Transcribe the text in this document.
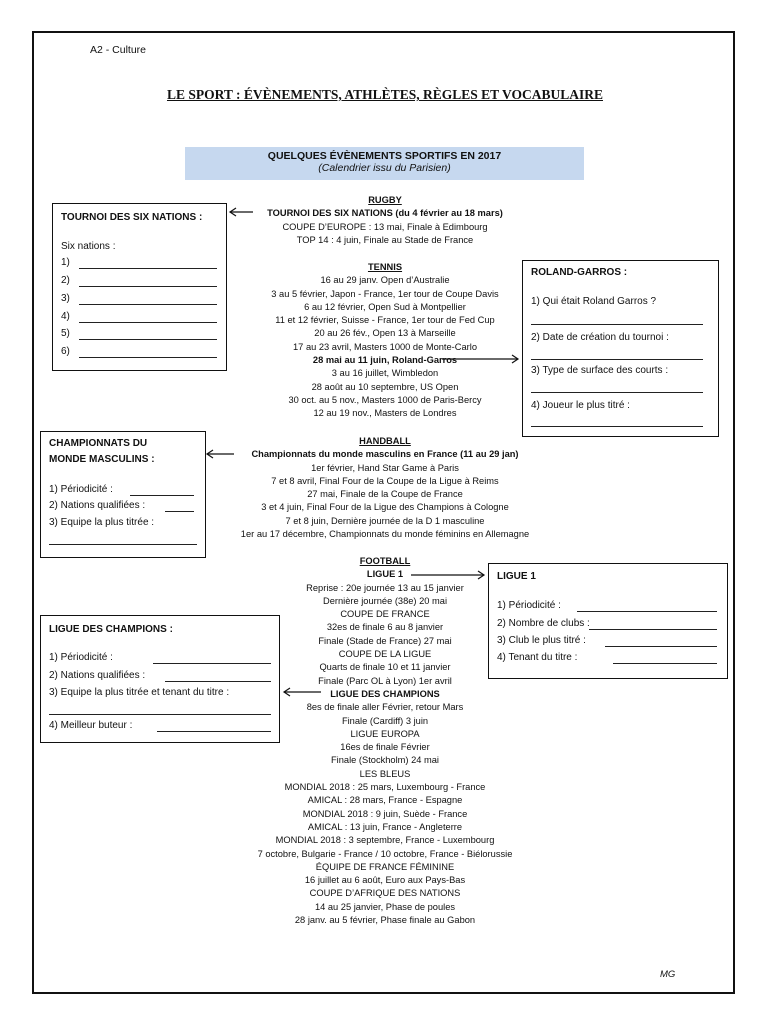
A2 - Culture
LE SPORT : ÉVÈNEMENTS, ATHLÈTES, RÈGLES ET VOCABULAIRE
QUELQUES ÉVÈNEMENTS SPORTIFS EN 2017
(Calendrier issu du Parisien)
RUGBY
TOURNOI DES SIX NATIONS (du 4 février au 18 mars)
COUPE D’EUROPE : 13 mai, Finale à Edimbourg
TOP 14 : 4 juin, Finale au Stade de France
TENNIS
16 au 29 janv. Open d’Australie
3 au 5 février, Japon - France, 1er tour de Coupe Davis
6 au 12 février, Open Sud à Montpellier
11 et 12 février, Suisse - France, 1er tour de Fed Cup
20 au 26 fév., Open 13 à Marseille
17 au 23 avril, Masters 1000 de Monte-Carlo
28 mai au 11 juin, Roland-Garros
3 au 16 juillet, Wimbledon
28 août au 10 septembre, US Open
30 oct. au 5 nov., Masters 1000 de Paris-Bercy
12 au 19 nov., Masters de Londres
HANDBALL
Championnats du monde masculins en France (11 au 29 jan)
1er février, Hand Star Game à Paris
7 et 8 avril, Final Four de la Coupe de la Ligue à Reims
27 mai, Finale de la Coupe de France
3 et 4 juin, Final Four de la Ligue des Champions à Cologne
7 et 8 juin, Dernière journée de la D 1 masculine
1er au 17 décembre, Championnats du monde féminins en Allemagne
FOOTBALL
LIGUE 1
Reprise : 20e journée 13 au 15 janvier
Dernière journée (38e) 20 mai
COUPE DE FRANCE
32es de finale 6 au 8 janvier
Finale (Stade de France) 27 mai
COUPE DE LA LIGUE
Quarts de finale 10 et 11 janvier
Finale (Parc OL à Lyon) 1er avril
LIGUE DES CHAMPIONS
8es de finale aller Février, retour Mars
Finale (Cardiff) 3 juin
LIGUE EUROPA
16es de finale Février
Finale (Stockholm) 24 mai
LES BLEUS
MONDIAL 2018 : 25 mars, Luxembourg - France
AMICAL : 28 mars, France - Espagne
MONDIAL 2018 : 9 juin, Suède - France
AMICAL : 13 juin, France - Angleterre
MONDIAL 2018 : 3 septembre, France - Luxembourg
7 octobre, Bulgarie - France / 10 octobre, France - Biélorussie
ÉQUIPE DE FRANCE FÉMININE
16 juillet au 6 août, Euro aux Pays-Bas
COUPE D’AFRIQUE DES NATIONS
14 au 25 janvier, Phase de poules
28 janv. au 5 février, Phase finale au Gabon
TOURNOI DES SIX NATIONS :
Six nations :
1)
2)
3)
4)
5)
6)
ROLAND-GARROS :
1) Qui était Roland Garros ?
2) Date de création du tournoi :
3) Type de surface des courts :
4) Joueur le plus titré :
CHAMPIONNATS DU
MONDE MASCULINS :
1) Périodicité :
2) Nations qualifiées :
3) Equipe la plus titrée :
LIGUE 1
1) Périodicité :
2) Nombre de clubs :
3) Club le plus titré :
4) Tenant du titre :
LIGUE DES CHAMPIONS :
1) Périodicité :
2) Nations qualifiées :
3) Equipe la plus titrée et tenant du titre :
4) Meilleur buteur :
MG
